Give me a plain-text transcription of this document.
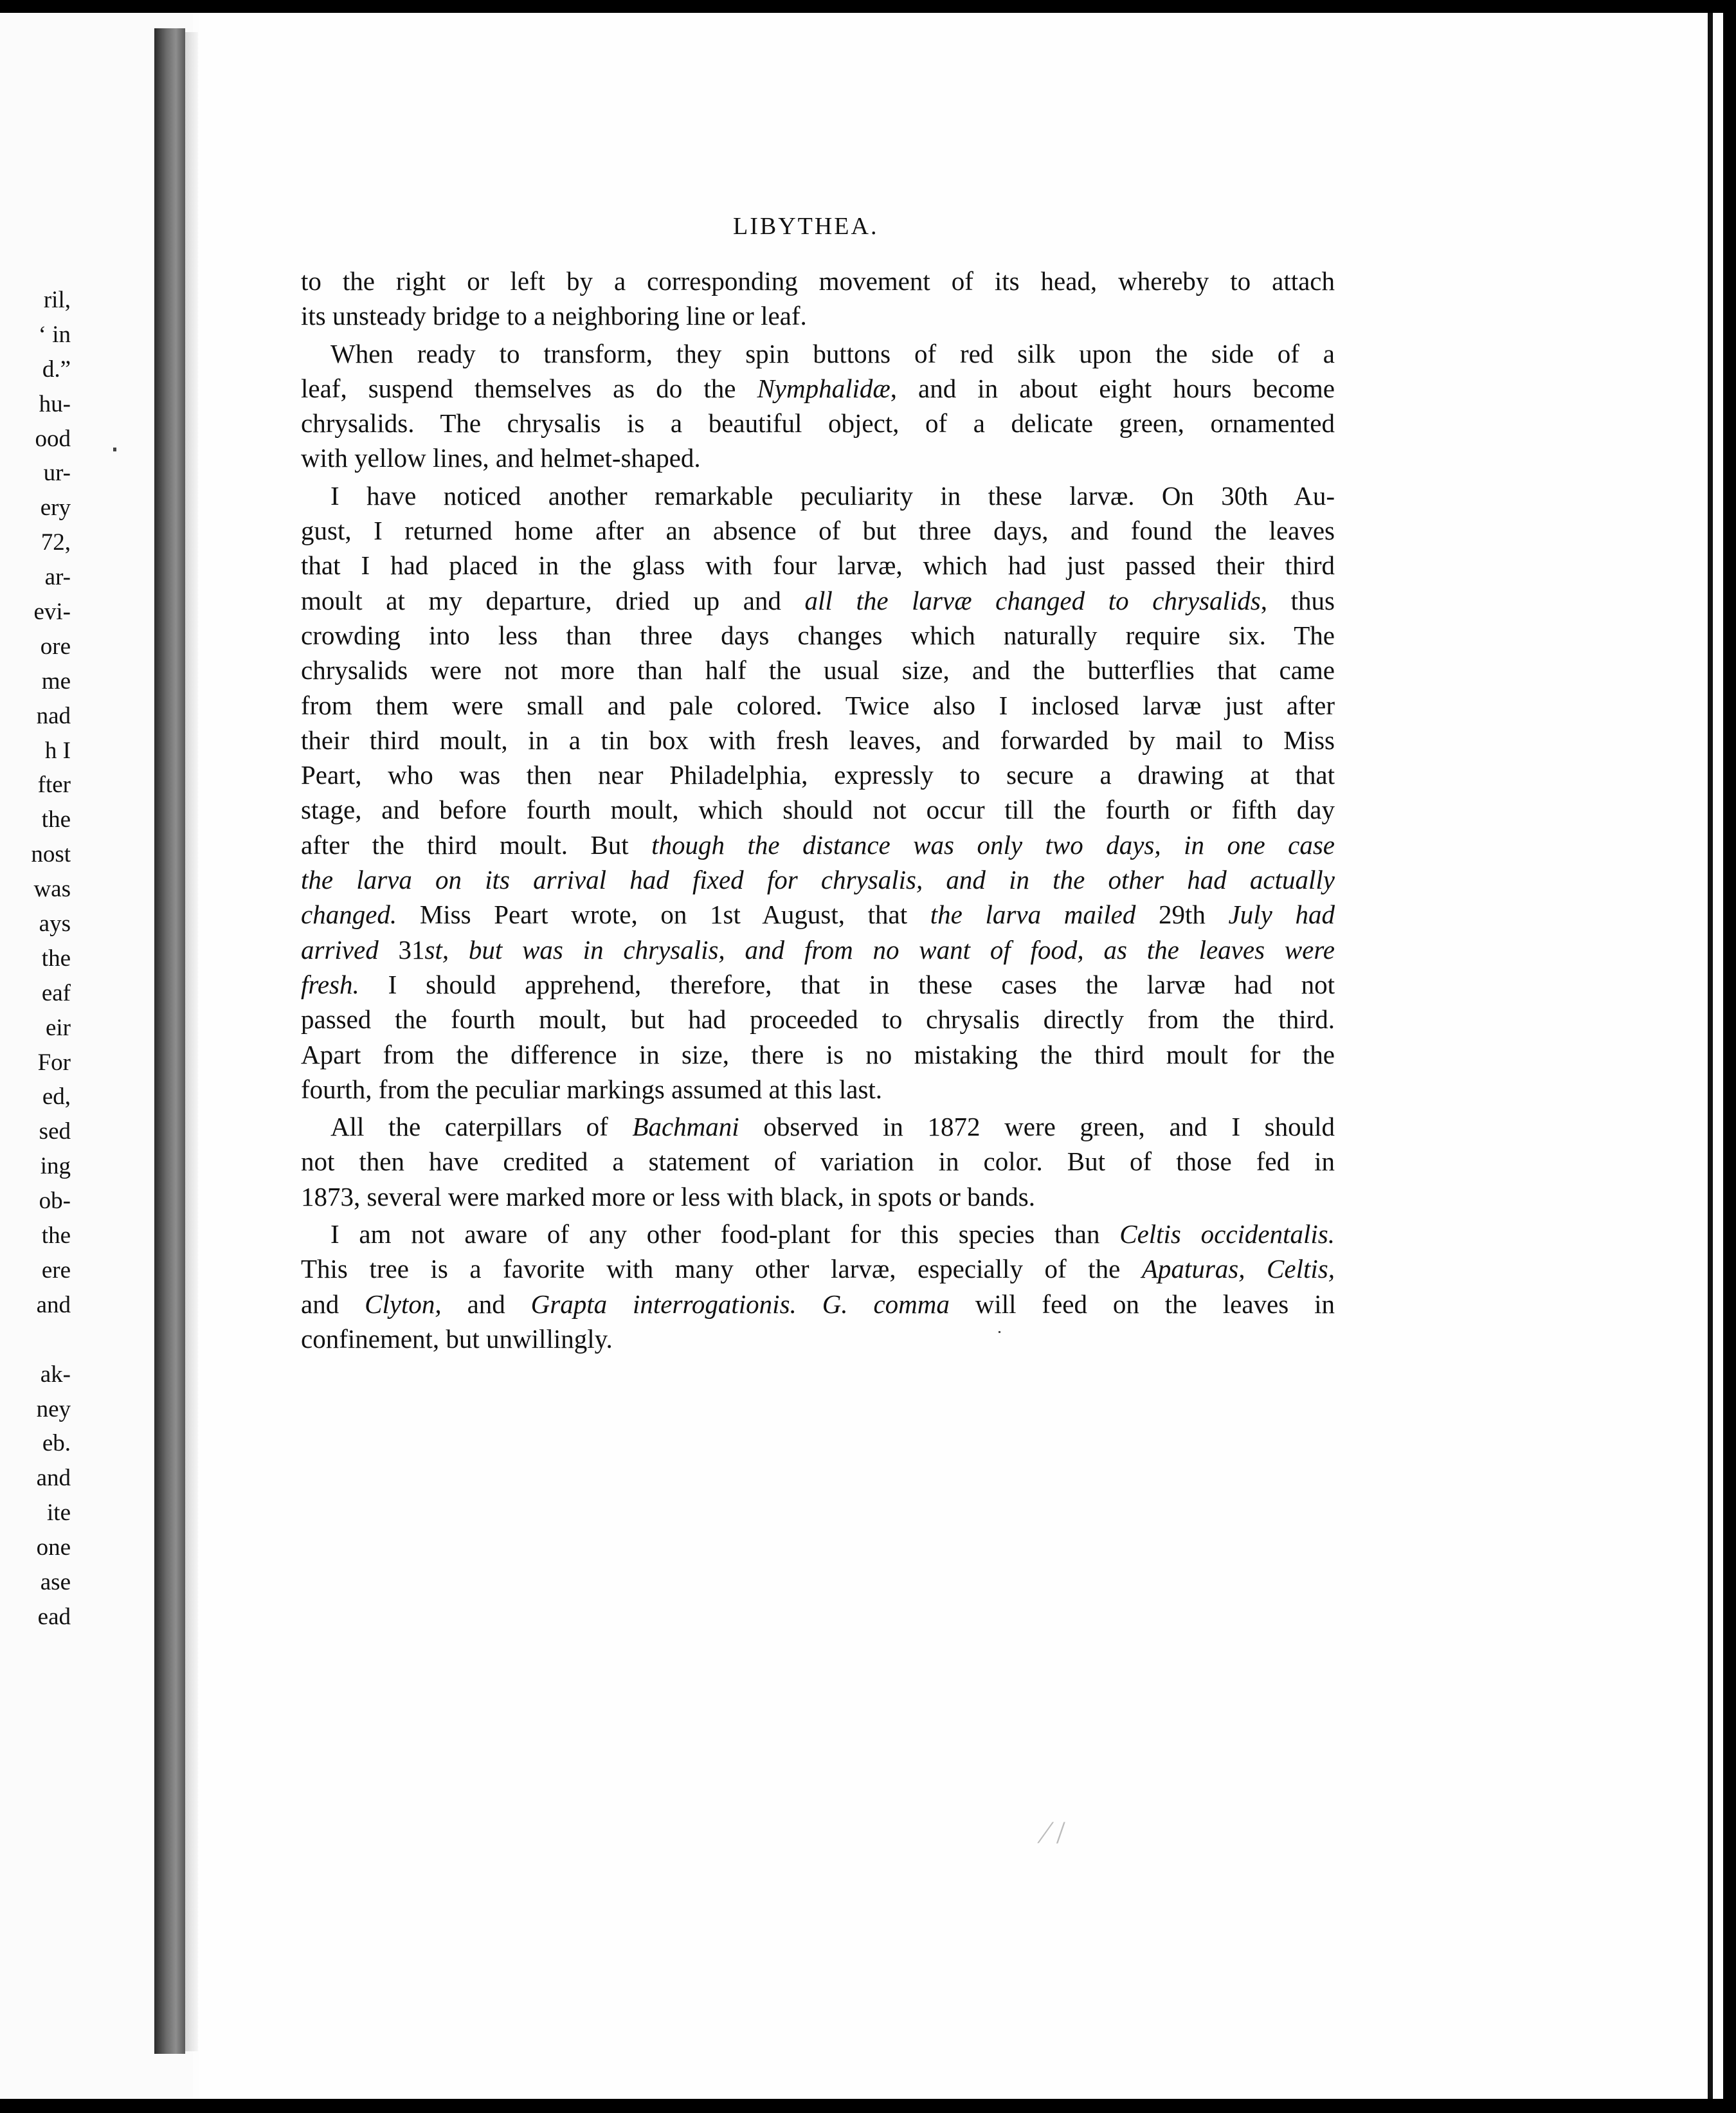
ril,
‘ in
d.”
hu-
ood
ur-
ery
72,
ar-
evi-
ore
me
nad
h I
fter
the
nost
was
ays
the
eaf
eir
For
ed,
sed
ing
ob-
the
ere
and
ak-
ney
eb.
and
ite
one
ase
ead
LIBYTHEA.
to the right or left by a corresponding movement of its head, whereby to attach
its unsteady bridge to a neighboring line or leaf.
When ready to transform, they spin buttons of red silk upon the side of a
leaf, suspend themselves as do the Nymphalidæ, and in about eight hours become
chrysalids. The chrysalis is a beautiful object, of a delicate green, ornamented
with yellow lines, and helmet-shaped.
I have noticed another remarkable peculiarity in these larvæ. On 30th Au-
gust, I returned home after an absence of but three days, and found the leaves
that I had placed in the glass with four larvæ, which had just passed their third
moult at my departure, dried up and all the larvæ changed to chrysalids, thus
crowding into less than three days changes which naturally require six. The
chrysalids were not more than half the usual size, and the butterflies that came
from them were small and pale colored. Twice also I inclosed larvæ just after
their third moult, in a tin box with fresh leaves, and forwarded by mail to Miss
Peart, who was then near Philadelphia, expressly to secure a drawing at that
stage, and before fourth moult, which should not occur till the fourth or fifth day
after the third moult. But though the distance was only two days, in one case
the larva on its arrival had fixed for chrysalis, and in the other had actually
changed. Miss Peart wrote, on 1st August, that the larva mailed 29th July had
arrived 31st, but was in chrysalis, and from no want of food, as the leaves were
fresh. I should apprehend, therefore, that in these cases the larvæ had not
passed the fourth moult, but had proceeded to chrysalis directly from the third.
Apart from the difference in size, there is no mistaking the third moult for the
fourth, from the peculiar markings assumed at this last.
All the caterpillars of Bachmani observed in 1872 were green, and I should
not then have credited a statement of variation in color. But of those fed in
1873, several were marked more or less with black, in spots or bands.
I am not aware of any other food-plant for this species than Celtis occidentalis.
This tree is a favorite with many other larvæ, especially of the Apaturas, Celtis,
and Clyton, and Grapta interrogationis. G. comma will feed on the leaves in
confinement, but unwillingly.
⁄ /
